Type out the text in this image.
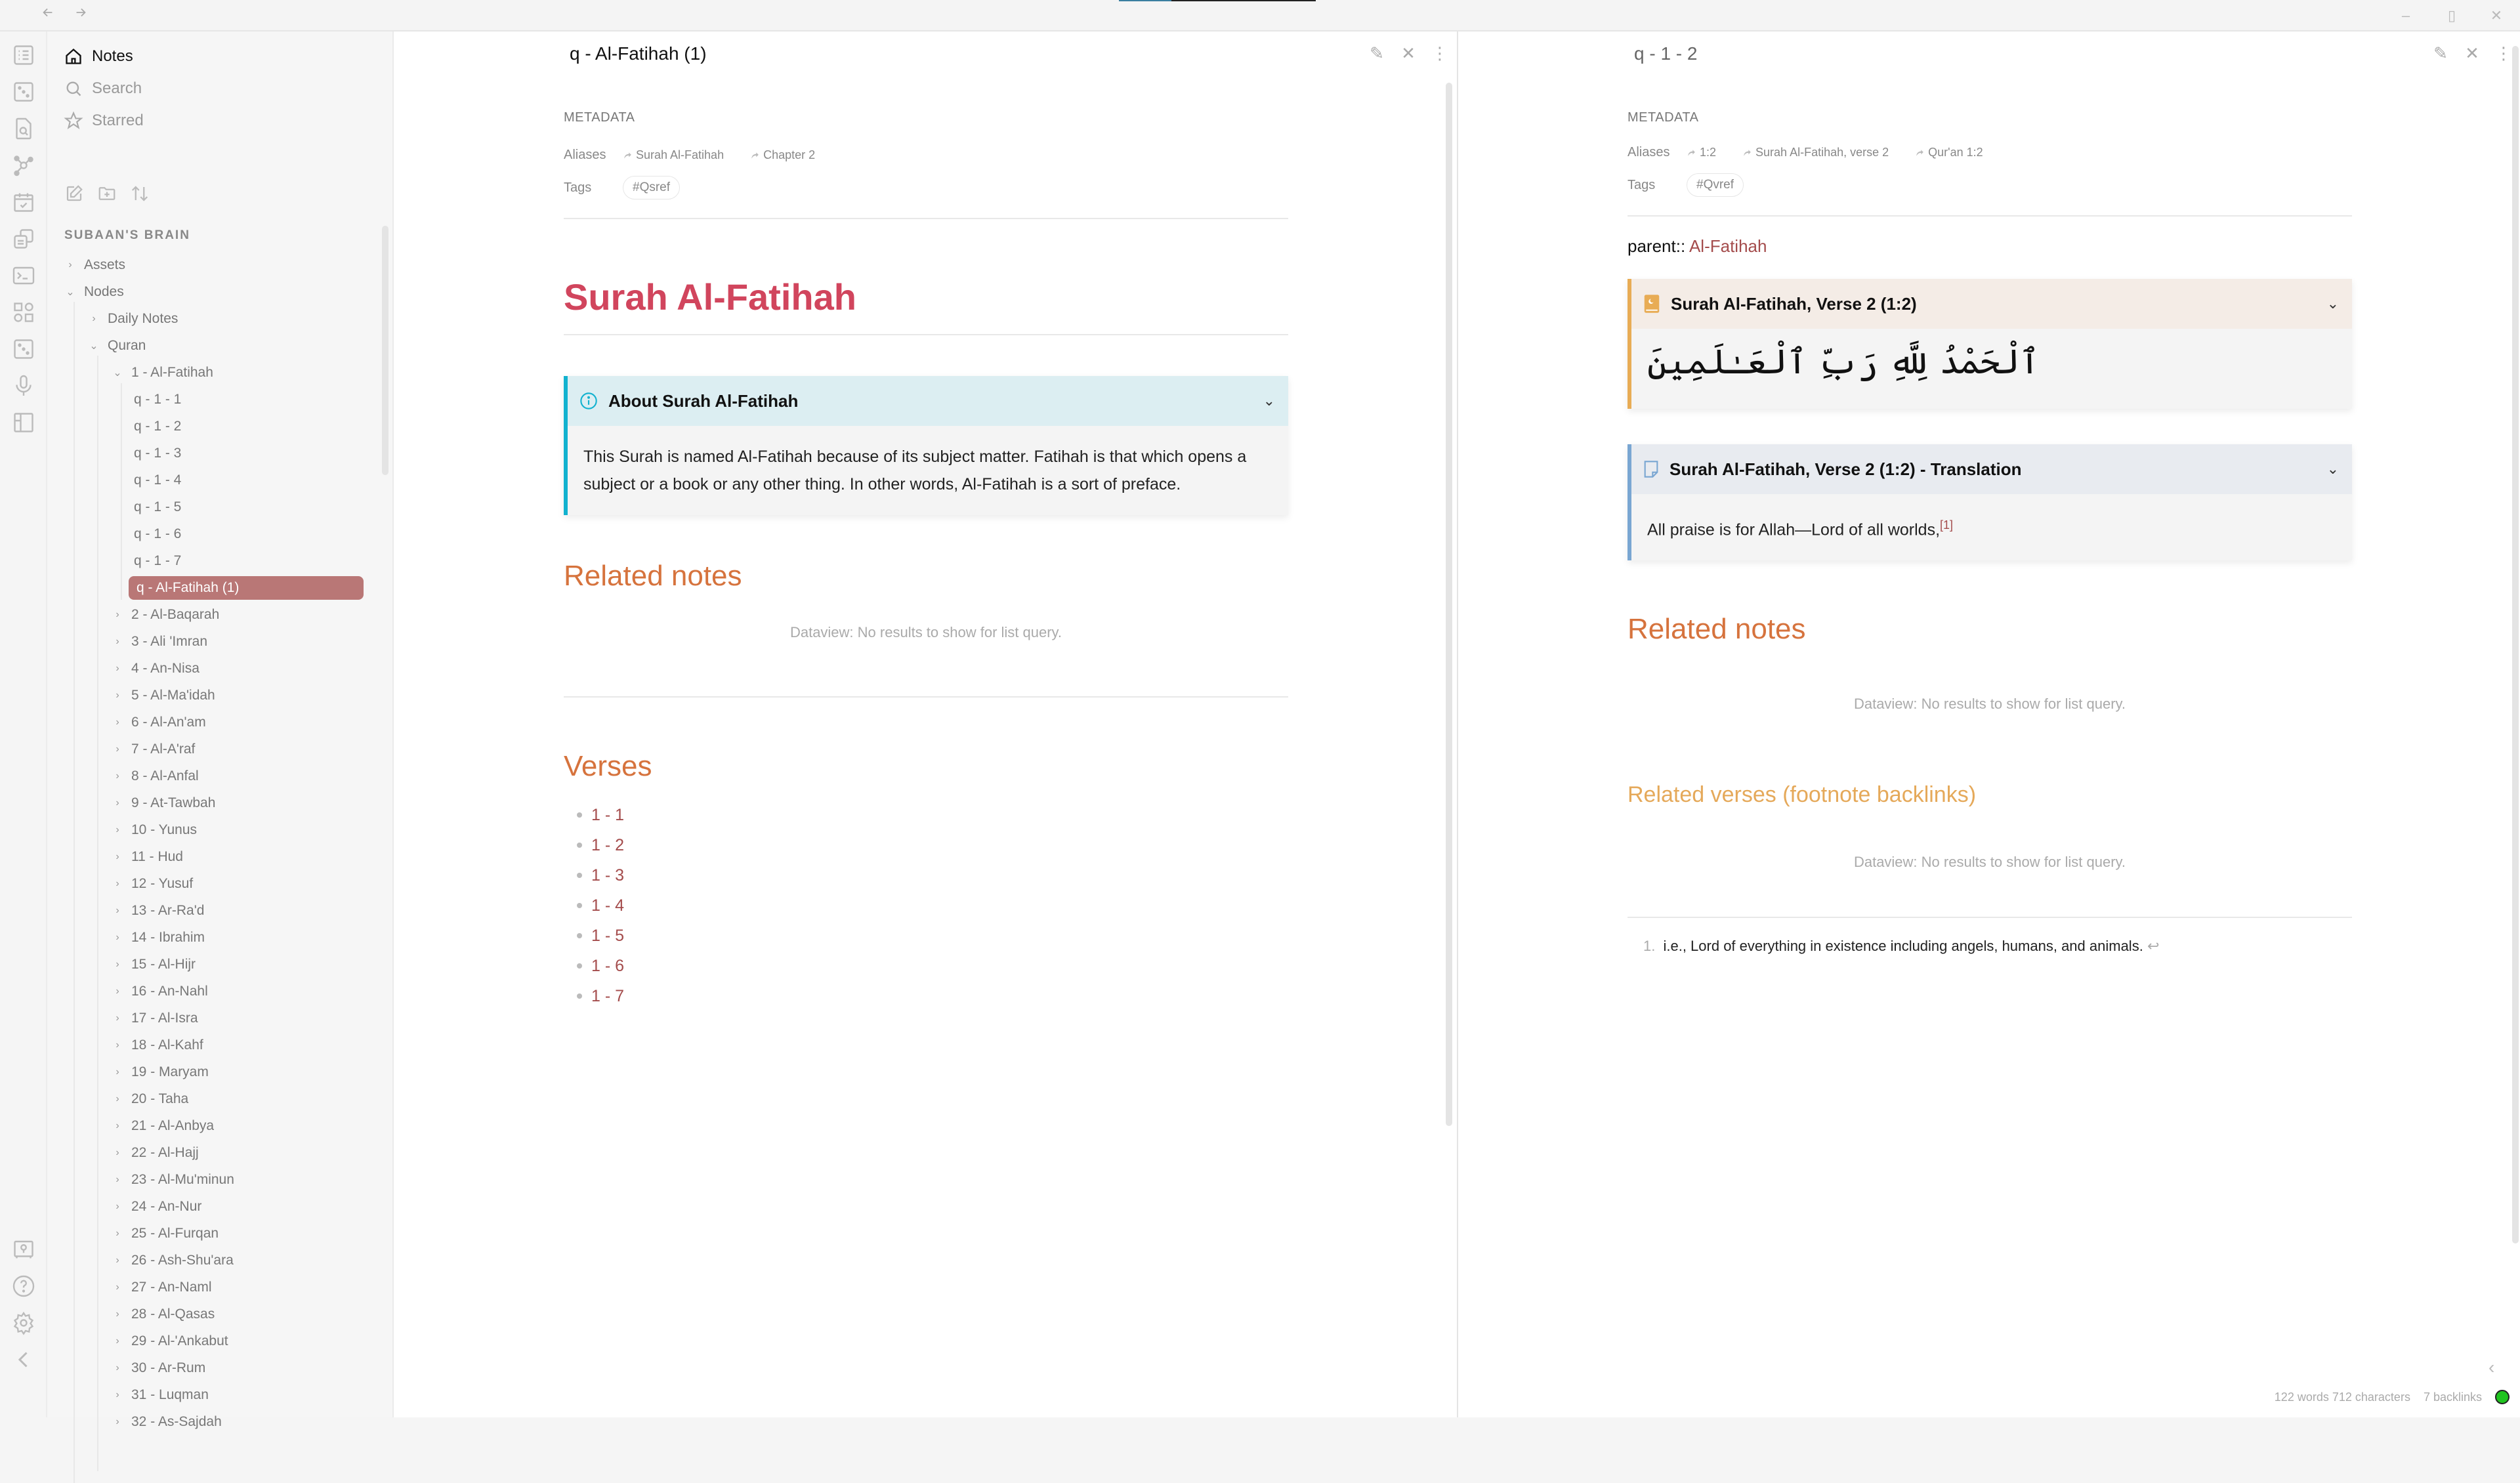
–	▯	✕
Notes
Search
Starred
SUBAAN'S BRAIN
› Assets
⌄ Nodes
› Daily Notes
⌄ Quran
⌄ 1 - Al-Fatihah
q - 1 - 1
q - 1 - 2
q - 1 - 3
q - 1 - 4
q - 1 - 5
q - 1 - 6
q - 1 - 7
q - Al-Fatihah (1)
› 2 - Al-Baqarah
› 3 - Ali 'Imran
› 4 - An-Nisa
› 5 - Al-Ma'idah
› 6 - Al-An'am
› 7 - Al-A'raf
› 8 - Al-Anfal
› 9 - At-Tawbah
› 10 - Yunus
› 11 - Hud
› 12 - Yusuf
› 13 - Ar-Ra'd
› 14 - Ibrahim
› 15 - Al-Hijr
› 16 - An-Nahl
› 17 - Al-Isra
› 18 - Al-Kahf
› 19 - Maryam
› 20 - Taha
› 21 - Al-Anbya
› 22 - Al-Hajj
› 23 - Al-Mu'minun
› 24 - An-Nur
› 25 - Al-Furqan
› 26 - Ash-Shu'ara
› 27 - An-Naml
› 28 - Al-Qasas
› 29 - Al-'Ankabut
› 30 - Ar-Rum
› 31 - Luqman
› 32 - As-Sajdah
q - Al-Fatihah (1)	✎ ✕ ⋮
METADATA
Aliases	Surah Al-Fatihah	Chapter 2
Tags	#Qsref
Surah Al-Fatihah
About Surah Al-Fatihah	⌄
This Surah is named Al-Fatihah because of its subject matter. Fatihah is that which opens a subject or a book or any other thing. In other words, Al-Fatihah is a sort of preface.
Related notes
Dataview: No results to show for list query.
Verses
1 - 1
1 - 2
1 - 3
1 - 4
1 - 5
1 - 6
1 - 7
q - 1 - 2	✎ ✕ ⋮
METADATA
Aliases	1:2	Surah Al-Fatihah, verse 2	Qur'an 1:2
Tags	#Qvref
parent:: Al-Fatihah
Surah Al-Fatihah, Verse 2 (1:2)	⌄
ٱلْحَمْدُ لِلَّهِ رَبِّ ٱلْعَـٰلَمِينَ
Surah Al-Fatihah, Verse 2 (1:2) - Translation	⌄
All praise is for Allah—Lord of all worlds,[1]
Related notes
Dataview: No results to show for list query.
Related verses (footnote backlinks)
Dataview: No results to show for list query.
1. i.e., Lord of everything in existence including angels, humans, and animals. ↩
‹
122 words 712 characters 7 backlinks
